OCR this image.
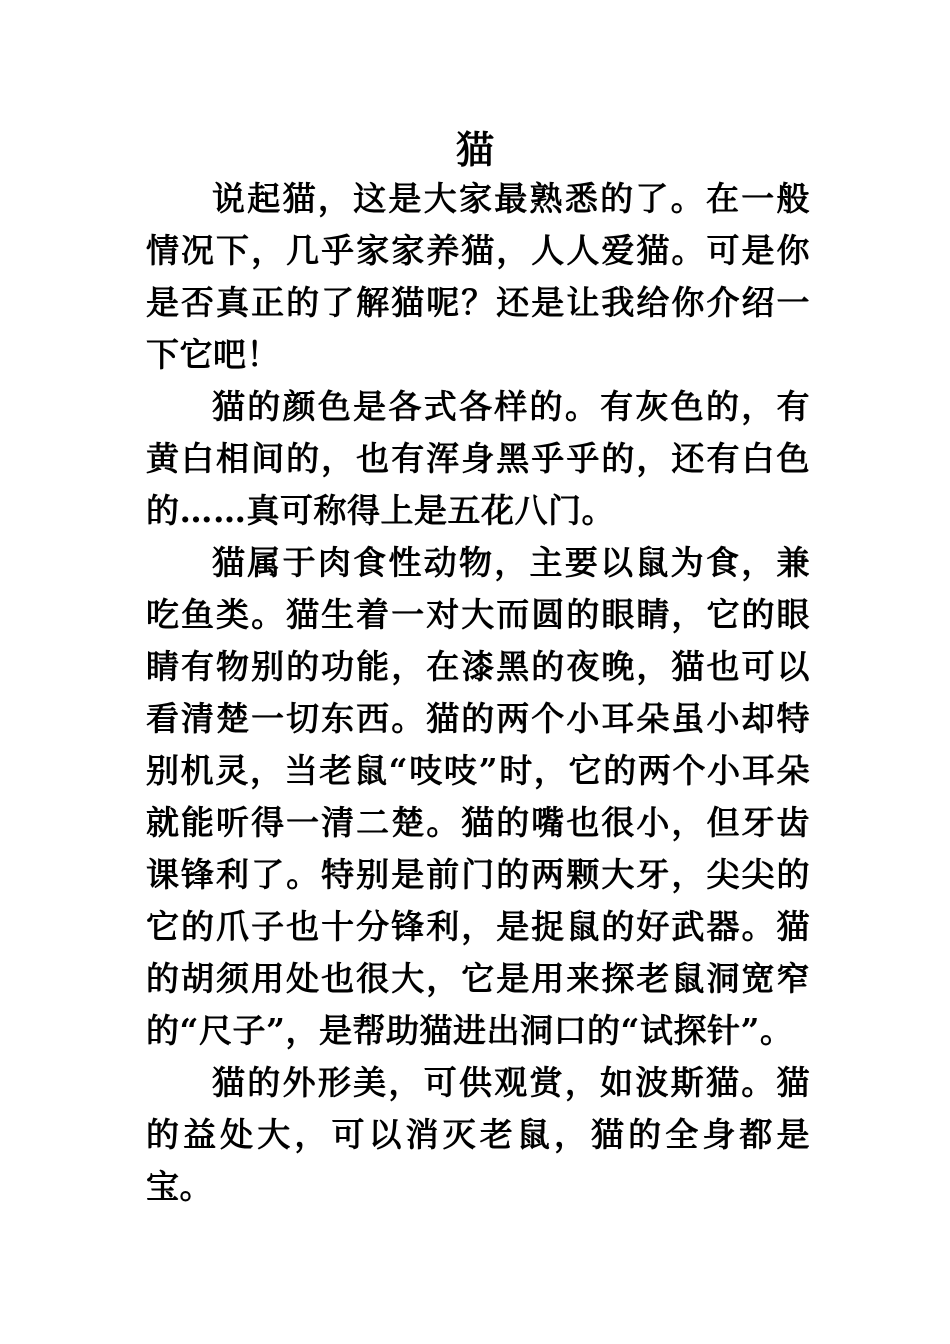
猫

说起猫，这是大家最熟悉的了。在一般情况下，几乎家家养猫，人人爱猫。可是你是否真正的了解猫呢？还是让我给你介绍一下它吧！

猫的颜色是各式各样的。有灰色的，有黄白相间的，也有浑身黑乎乎的，还有白色的……真可称得上是五花八门。

猫属于肉食性动物，主要以鼠为食，兼吃鱼类。猫生着一对大而圆的眼睛，它的眼睛有物别的功能，在漆黑的夜晚，猫也可以看清楚一切东西。猫的两个小耳朵虽小却特别机灵，当老鼠“吱吱”时，它的两个小耳朵就能听得一清二楚。猫的嘴也很小，但牙齿课锋利了。特别是前门的两颗大牙，尖尖的它的爪子也十分锋利，是捉鼠的好武器。猫的胡须用处也很大，它是用来探老鼠洞宽窄的“尺子”，是帮助猫进出洞口的“试探针”。

猫的外形美，可供观赏，如波斯猫。猫的益处大，可以消灭老鼠，猫的全身都是宝。
